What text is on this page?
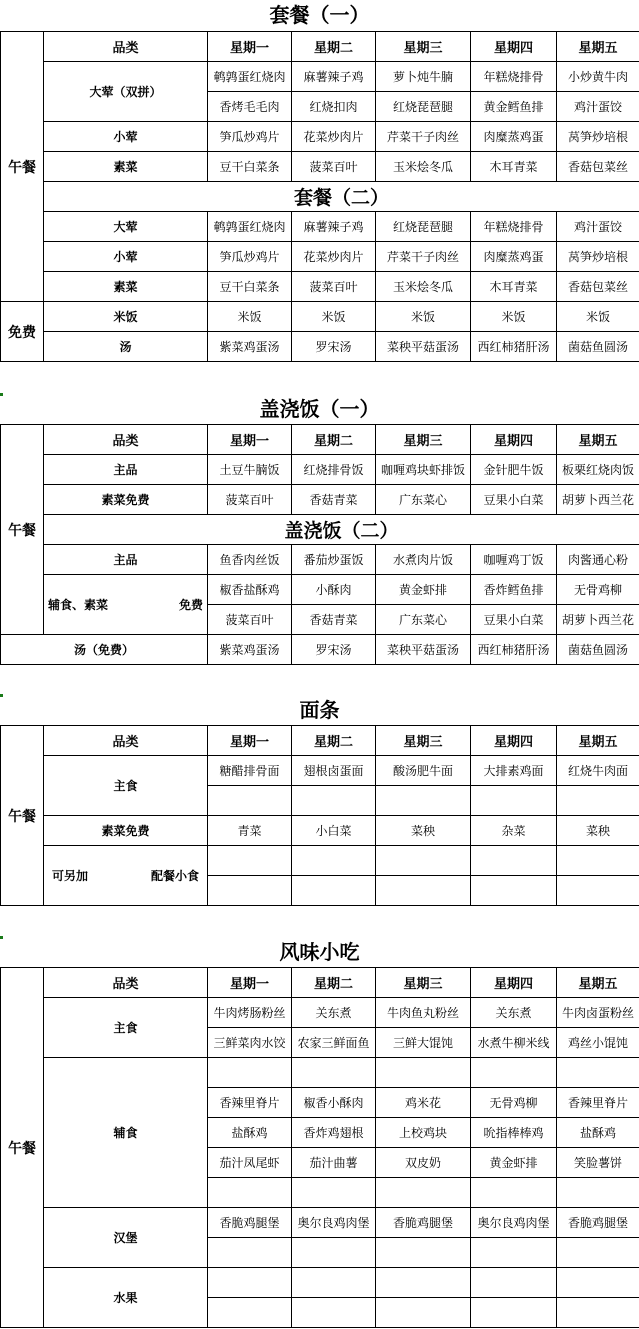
套餐（一）
午餐	品类	星期一	星期二	星期三	星期四	星期五
	大荤（双拼）	鹌鹑蛋红烧肉	麻薯辣子鸡	萝卜炖牛腩	年糕烧排骨	小炒黄牛肉
		香烤毛毛肉	红烧扣肉	红烧琵琶腿	黄金鳕鱼排	鸡汁蛋饺
	小荤	笋瓜炒鸡片	花菜炒肉片	芹菜干子肉丝	肉糜蒸鸡蛋	莴笋炒培根
	素菜	豆干白菜条	菠菜百叶	玉米烩冬瓜	木耳青菜	香菇包菜丝
	套餐（二）					
	大荤	鹌鹑蛋红烧肉	麻薯辣子鸡	红烧琵琶腿	年糕烧排骨	鸡汁蛋饺
	小荤	笋瓜炒鸡片	花菜炒肉片	芹菜干子肉丝	肉糜蒸鸡蛋	莴笋炒培根
	素菜	豆干白菜条	菠菜百叶	玉米烩冬瓜	木耳青菜	香菇包菜丝
免费	米饭	米饭	米饭	米饭	米饭	米饭
	汤	紫菜鸡蛋汤	罗宋汤	菜秧平菇蛋汤	西红柿猪肝汤	菌菇鱼圆汤
盖浇饭（一）
午餐	品类	星期一	星期二	星期三	星期四	星期五
	主品	土豆牛腩饭	红烧排骨饭	咖喱鸡块虾排饭	金针肥牛饭	板栗红烧肉饭
	素菜免费	菠菜百叶	香菇青菜	广东菜心	豆果小白菜	胡萝卜西兰花
	盖浇饭（二）					
	主品	鱼香肉丝饭	番茄炒蛋饭	水煮肉片饭	咖喱鸡丁饭	肉酱通心粉
	辅食、素菜 免费	椒香盐酥鸡	小酥肉	黄金虾排	香炸鳕鱼排	无骨鸡柳
		菠菜百叶	香菇青菜	广东菜心	豆果小白菜	胡萝卜西兰花
汤（免费）		紫菜鸡蛋汤	罗宋汤	菜秧平菇蛋汤	西红柿猪肝汤	菌菇鱼圆汤
面条
午餐	品类	星期一	星期二	星期三	星期四	星期五
	主食	糖醋排骨面	翅根卤蛋面	酸汤肥牛面	大排素鸡面	红烧牛肉面

	素菜免费	青菜	小白菜	菜秧	杂菜	菜秧
	可另加 配餐小食					

风味小吃
午餐	品类	星期一	星期二	星期三	星期四	星期五
	主食	牛肉烤肠粉丝	关东煮	牛肉鱼丸粉丝	关东煮	牛肉卤蛋粉丝
		三鲜菜肉水饺	农家三鲜面鱼	三鲜大馄饨	水煮牛柳米线	鸡丝小馄饨
	辅食					
		香辣里脊片	椒香小酥肉	鸡米花	无骨鸡柳	香辣里脊片
		盐酥鸡	香炸鸡翅根	上校鸡块	吮指棒棒鸡	盐酥鸡
		茄汁凤尾虾	茄汁曲薯	双皮奶	黄金虾排	笑脸薯饼

	汉堡	香脆鸡腿堡	奥尔良鸡肉堡	香脆鸡腿堡	奥尔良鸡肉堡	香脆鸡腿堡

	水果					
